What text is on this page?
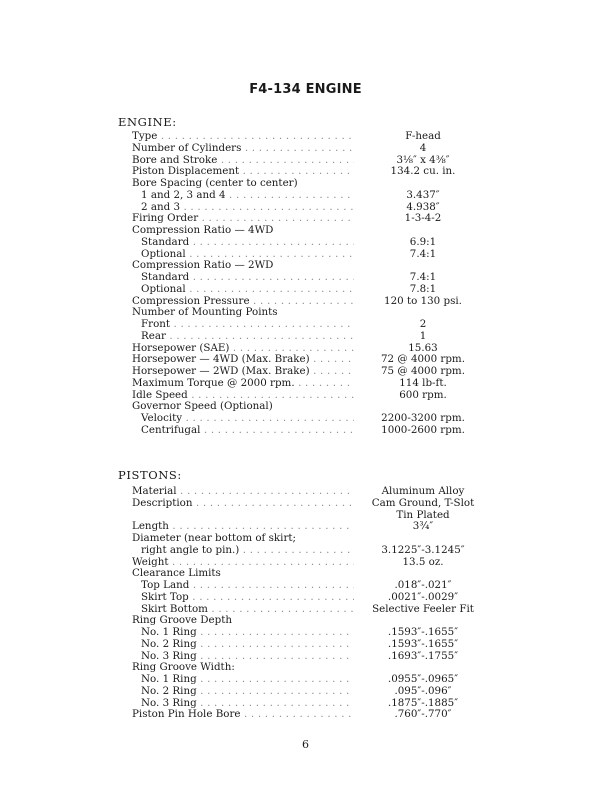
F4-134 ENGINE
ENGINE:
Type . . .	F-head
Number of Cylinders . . .	4
Bore and Stroke . . .	3⅛″ x 4⅜″
Piston Displacement . . .	134.2 cu. in.
Bore Spacing (center to center)
1 and 2, 3 and 4 . . .	3.437″
2 and 3 . . .	4.938″
Firing Order . . .	1-3-4-2
Compression Ratio — 4WD
Standard . . .	6.9:1
Optional . . .	7.4:1
Compression Ratio — 2WD
Standard . . .	7.4:1
Optional . . .	7.8:1
Compression Pressure . . .	120 to 130 psi.
Number of Mounting Points
Front . . .	2
Rear . . .	1
Horsepower (SAE) . . .	15.63
Horsepower — 4WD (Max. Brake) . . .	72 @ 4000 rpm.
Horsepower — 2WD (Max. Brake) . . .	75 @ 4000 rpm.
Maximum Torque @ 2000 rpm. . . .	114 lb-ft.
Idle Speed . . .	600 rpm.
Governor Speed (Optional)
Velocity . . .	2200-3200 rpm.
Centrifugal . . .	1000-2600 rpm.
PISTONS:
Material . . .	Aluminum Alloy
Description . . .	Cam Ground, T-Slot
Tin Plated
Length . . .	3¾″
Diameter (near bottom of skirt;
right angle to pin.) . . .	3.1225″-3.1245″
Weight . . .	13.5 oz.
Clearance Limits
Top Land . . .	.018″-.021″
Skirt Top . . .	.0021″-.0029″
Skirt Bottom . . .	Selective Feeler Fit
Ring Groove Depth
No. 1 Ring . . .	.1593″-.1655″
No. 2 Ring . . .	.1593″-.1655″
No. 3 Ring . . .	.1693″-.1755″
Ring Groove Width:
No. 1 Ring . . .	.0955″-.0965″
No. 2 Ring . . .	.095″-.096″
No. 3 Ring . . .	.1875″-.1885″
Piston Pin Hole Bore . . .	.760″-.770″
6
